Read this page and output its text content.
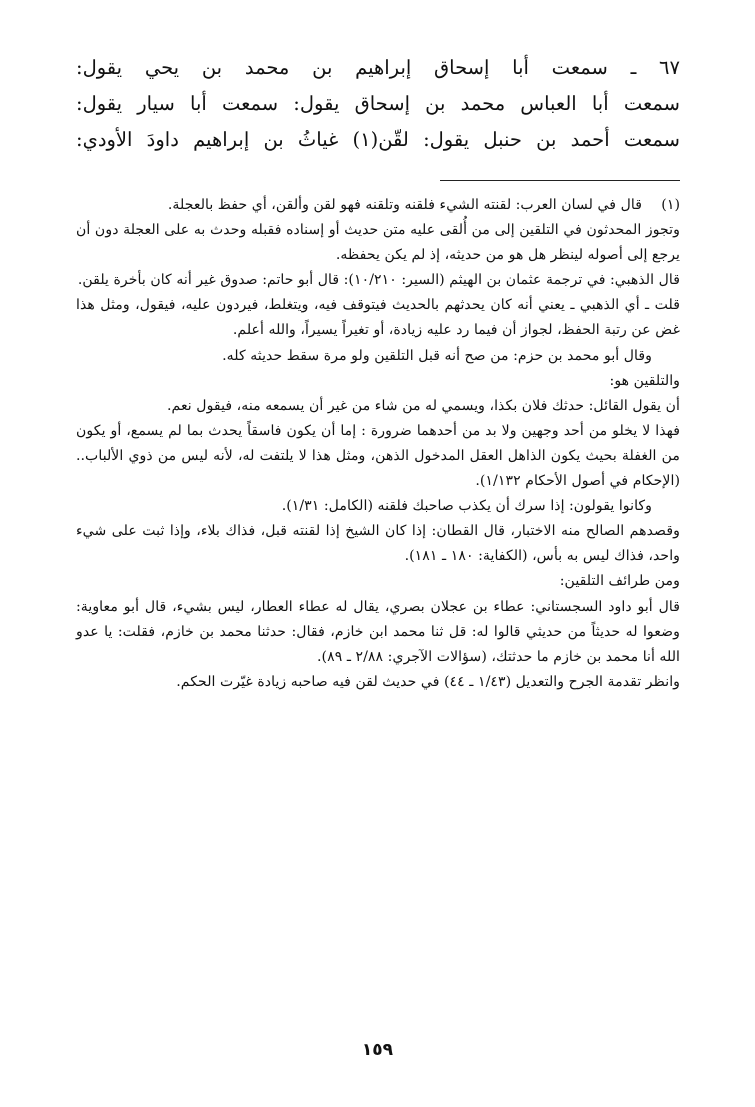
٦٧ ـ سمعت أبا إسحاق إبراهيم بن محمد بن يحي يقول:
سمعت أبا العباس محمد بن إسحاق يقول: سمعت أبا سيار يقول:
سمعت أحمد بن حنبل يقول: لقّن(١) غياثُ بن إبراهيم داودَ الأودي:
(١)

قال في لسان العرب: لقنته الشيء فلقنه وتلقنه فهو لقن وألقن، أي حفظ بالعجلة.

وتجوز المحدثون في التلقين إلى من أُلقى عليه متن حديث أو إسناده فقبله وحدث به على العجلة دون أن يرجع إلى أصوله لينظر هل هو من حديثه، إذ لم يكن يحفظه.

قال الذهبي: في ترجمة عثمان بن الهيثم (السير: ١٠/٢١٠): قال أبو حاتم: صدوق غير أنه كان بأخرة يلقن.

قلت ـ أي الذهبي ـ يعني أنه كان يحدثهم بالحديث فيتوقف فيه، ويتغلط، فيردون عليه، فيقول، ومثل هذا غض عن رتبة الحفظ، لجواز أن فيما رد عليه زيادة، أو تغيراً يسيراً، والله أعلم.

وقال أبو محمد بن حزم: من صح أنه قبل التلقين ولو مرة سقط حديثه كله.

والتلقين هو:

أن يقول القائل: حدثك فلان بكذا، ويسمي له من شاء من غير أن يسمعه منه، فيقول نعم.

فهذا لا يخلو من أحد وجهين ولا بد من أحدهما ضرورة : إما أن يكون فاسقاً يحدث بما لم يسمع، أو يكون من الغفلة بحيث يكون الذاهل العقل المدخول الذهن، ومثل هذا لا يلتفت له، لأنه ليس من ذوي الألباب.. (الإحكام في أصول الأحكام ١/١٣٢).

وكانوا يقولون: إذا سرك أن يكذب صاحبك فلقنه (الكامل: ١/٣١).

وقصدهم الصالح منه الاختبار، قال القطان: إذا كان الشيخ إذا لقنته قبل، فذاك بلاء، وإذا ثبت على شيء واحد، فذاك ليس به بأس، (الكفاية: ١٨٠ ـ ١٨١).

ومن طرائف التلقين:

قال أبو داود السجستاني: عطاء بن عجلان بصري، يقال له عطاء العطار، ليس بشيء، قال أبو معاوية: وضعوا له حديثاً من حديثي قالوا له: قل ثنا محمد ابن خازم، فقال: حدثنا محمد بن خازم، فقلت: يا عدو الله أنا محمد بن خازم ما حدثتك، (سؤالات الآجري: ٢/٨٨ ـ ٨٩).

وانظر تقدمة الجرح والتعديل (١/٤٣ ـ ٤٤) في حديث لقن فيه صاحبه زيادة غيّرت الحكم.

١٥٩
